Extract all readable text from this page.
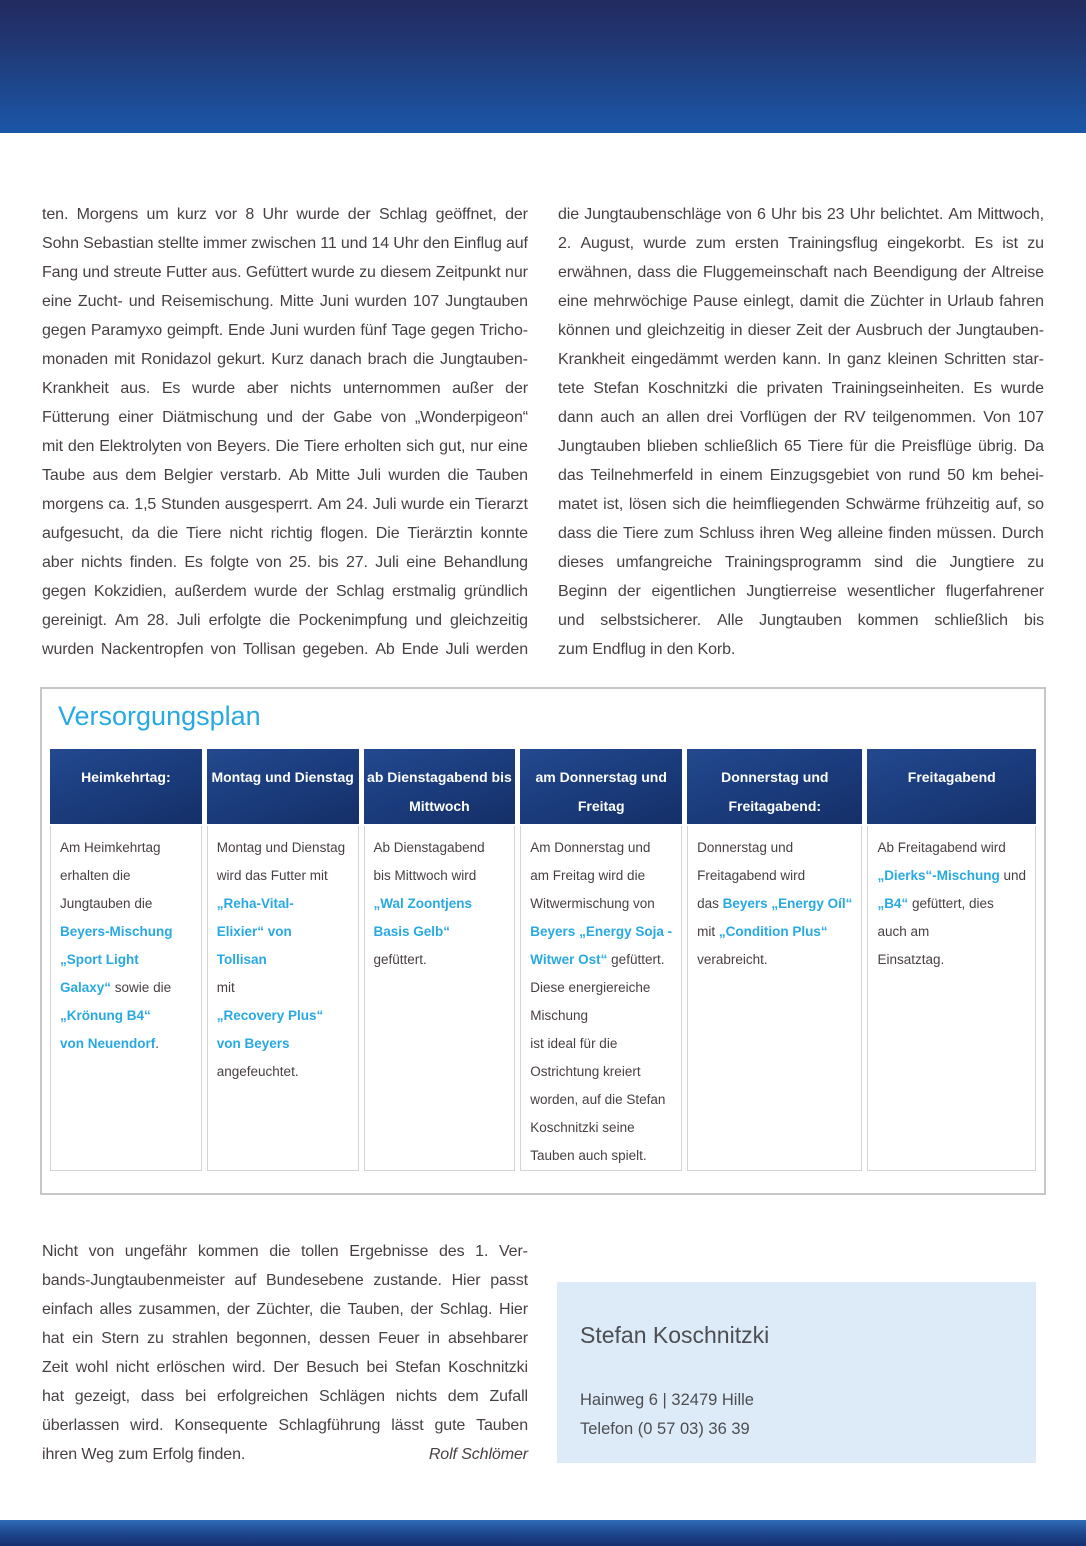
ten. Morgens um kurz vor 8 Uhr wurde der Schlag geöffnet, der
Sohn Sebastian stellte immer zwischen 11 und 14 Uhr den Einflug auf
Fang und streute Futter aus. Gefüttert wurde zu diesem Zeitpunkt nur
eine Zucht- und Reisemischung. Mitte Juni wurden 107 Jungtauben
gegen Paramyxo geimpft. Ende Juni wurden fünf Tage gegen Tricho-
monaden mit Ronidazol gekurt. Kurz danach brach die Jungtauben-
Krankheit aus. Es wurde aber nichts unternommen außer der
Fütterung einer Diätmischung und der Gabe von „Wonderpigeon“
mit den Elektrolyten von Beyers. Die Tiere erholten sich gut, nur eine
Taube aus dem Belgier verstarb. Ab Mitte Juli wurden die Tauben
morgens ca. 1,5 Stunden ausgesperrt. Am 24. Juli wurde ein Tierarzt
aufgesucht, da die Tiere nicht richtig flogen. Die Tierärztin konnte
aber nichts finden. Es folgte von 25. bis 27. Juli eine Behandlung
gegen Kokzidien, außerdem wurde der Schlag erstmalig gründlich
gereinigt. Am 28. Juli erfolgte die Pockenimpfung und gleichzeitig
wurden Nackentropfen von Tollisan gegeben. Ab Ende Juli werden
die Jungtaubenschläge von 6 Uhr bis 23 Uhr belichtet. Am Mittwoch,
2. August, wurde zum ersten Trainingsflug eingekorbt. Es ist zu
erwähnen, dass die Fluggemeinschaft nach Beendigung der Altreise
eine mehrwöchige Pause einlegt, damit die Züchter in Urlaub fahren
können und gleichzeitig in dieser Zeit der Ausbruch der Jungtauben-
Krankheit eingedämmt werden kann. In ganz kleinen Schritten star-
tete Stefan Koschnitzki die privaten Trainingseinheiten. Es wurde
dann auch an allen drei Vorflügen der RV teilgenommen. Von 107
Jungtauben blieben schließlich 65 Tiere für die Preisflüge übrig. Da
das Teilnehmerfeld in einem Einzugsgebiet von rund 50 km behei-
matet ist, lösen sich die heimfliegenden Schwärme frühzeitig auf, so
dass die Tiere zum Schluss ihren Weg alleine finden müssen. Durch
dieses umfangreiche Trainingsprogramm sind die Jungtiere zu
Beginn der eigentlichen Jungtierreise wesentlicher flugerfahrener
und selbstsicherer. Alle Jungtauben kommen schließlich bis
zum Endflug in den Korb.
Versorgungsplan
Heimkehrtag:
Am Heimkehrtag
erhalten die
Jungtauben die
Beyers-Mischung
„Sport Light
Galaxy“ sowie die
„Krönung B4“
von Neuendorf.
Montag und Dienstag
Montag und Dienstag
wird das Futter mit
„Reha-Vital-
Elixier“ von
Tollisan
mit
„Recovery Plus“
von Beyers
angefeuchtet.
ab Dienstagabend bis
Mittwoch
Ab Dienstagabend
bis Mittwoch wird
„Wal Zoontjens
Basis Gelb“
gefüttert.
am Donnerstag und
Freitag
Am Donnerstag und
am Freitag wird die
Witwermischung von
Beyers „Energy Soja -
Witwer Ost“ gefüttert.
Diese energiereiche
Mischung
ist ideal für die
Ostrichtung kreiert
worden, auf die Stefan
Koschnitzki seine
Tauben auch spielt.
Donnerstag und
Freitagabend:
Donnerstag und
Freitagabend wird
das Beyers „Energy Oíl“
mit „Condition Plus“
verabreicht.
Freitagabend
Ab Freitagabend wird
„Dierks“-Mischung und
„B4“ gefüttert, dies
auch am
Einsatztag.
Nicht von ungefähr kommen die tollen Ergebnisse des 1. Ver-
bands-Jungtaubenmeister auf Bundesebene zustande. Hier passt
einfach alles zusammen, der Züchter, die Tauben, der Schlag. Hier
hat ein Stern zu strahlen begonnen, dessen Feuer in absehbarer
Zeit wohl nicht erlöschen wird. Der Besuch bei Stefan Koschnitzki
hat gezeigt, dass bei erfolgreichen Schlägen nichts dem Zufall
überlassen wird. Konsequente Schlagführung lässt gute Tauben
ihren Weg zum Erfolg finden.	Rolf Schlömer
Stefan Koschnitzki
Hainweg 6 | 32479 Hille
Telefon (0 57 03) 36 39
